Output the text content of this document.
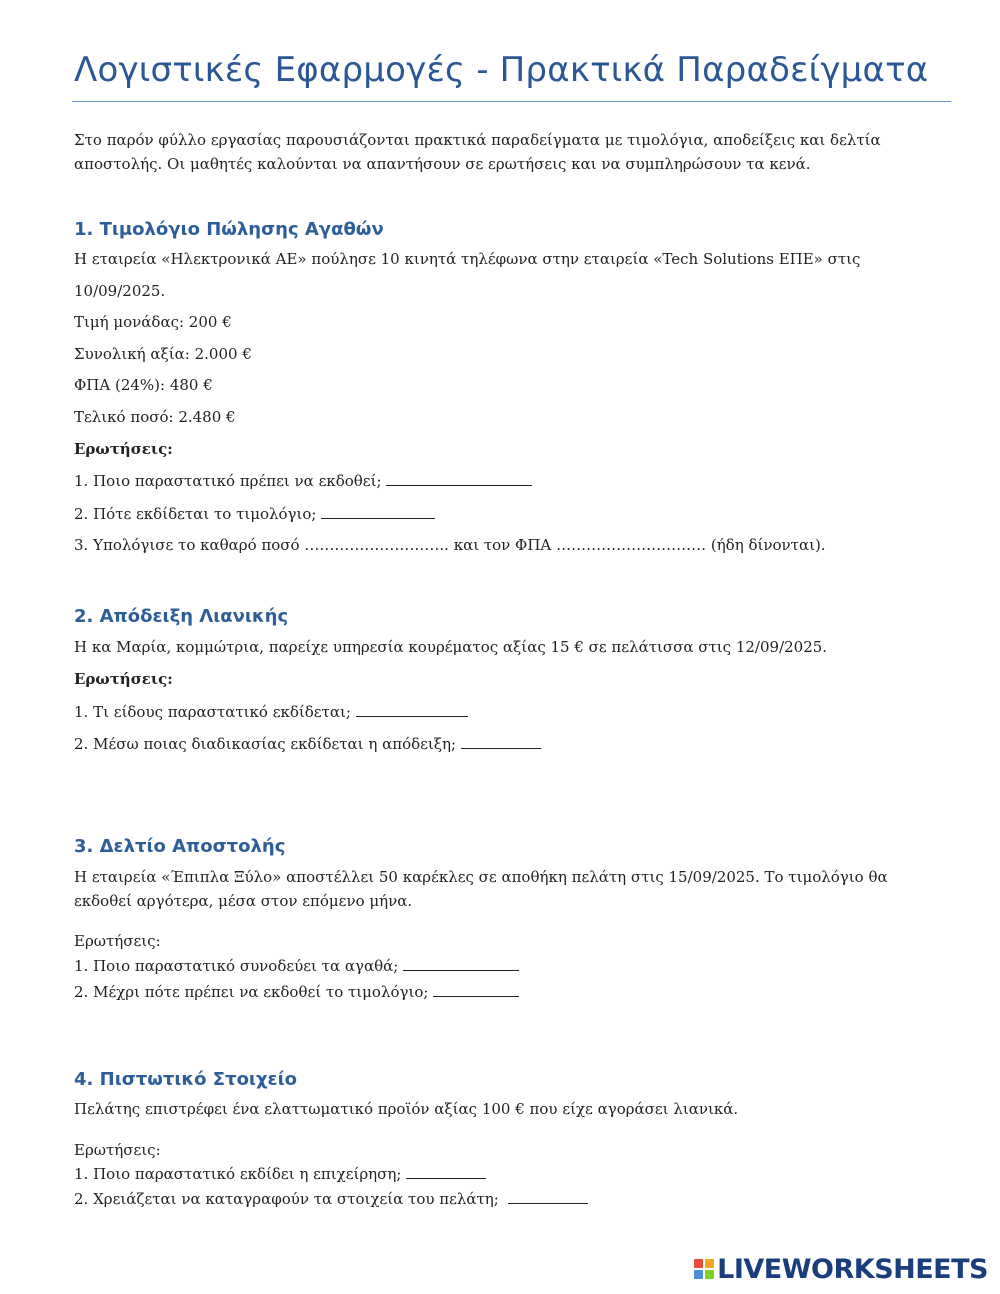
Λογιστικές Εφαρμογές - Πρακτικά Παραδείγματα
Στο παρόν φύλλο εργασίας παρουσιάζονται πρακτικά παραδείγματα με τιμολόγια, αποδείξεις και δελτία
αποστολής. Οι μαθητές καλούνται να απαντήσουν σε ερωτήσεις και να συμπληρώσουν τα κενά.
1. Τιμολόγιο Πώλησης Αγαθών
Η εταιρεία «Ηλεκτρονικά ΑΕ» πούλησε 10 κινητά τηλέφωνα στην εταιρεία «Tech Solutions ΕΠΕ» στις
10/09/2025.
Τιμή μονάδας: 200 €
Συνολική αξία: 2.000 €
ΦΠΑ (24%): 480 €
Τελικό ποσό: 2.480 €
Ερωτήσεις:
1. Ποιο παραστατικό πρέπει να εκδοθεί;
2. Πότε εκδίδεται το τιμολόγιο;
3. Υπολόγισε το καθαρό ποσό ……………………….. και τον ΦΠΑ ………………………… (ήδη δίνονται).
2. Απόδειξη Λιανικής
Η κα Μαρία, κομμώτρια, παρείχε υπηρεσία κουρέματος αξίας 15 € σε πελάτισσα στις 12/09/2025.
Ερωτήσεις:
1. Τι είδους παραστατικό εκδίδεται;
2. Μέσω ποιας διαδικασίας εκδίδεται η απόδειξη;
3. Δελτίο Αποστολής
Η εταιρεία «Έπιπλα Ξύλο» αποστέλλει 50 καρέκλες σε αποθήκη πελάτη στις 15/09/2025. Το τιμολόγιο θα
εκδοθεί αργότερα, μέσα στον επόμενο μήνα.
Ερωτήσεις:
1. Ποιο παραστατικό συνοδεύει τα αγαθά;
2. Μέχρι πότε πρέπει να εκδοθεί το τιμολόγιο;
4. Πιστωτικό Στοιχείο
Πελάτης επιστρέφει ένα ελαττωματικό προϊόν αξίας 100 € που είχε αγοράσει λιανικά.
Ερωτήσεις:
1. Ποιο παραστατικό εκδίδει η επιχείρηση;
2. Χρειάζεται να καταγραφούν τα στοιχεία του πελάτη;
LIVEWORKSHEETS
